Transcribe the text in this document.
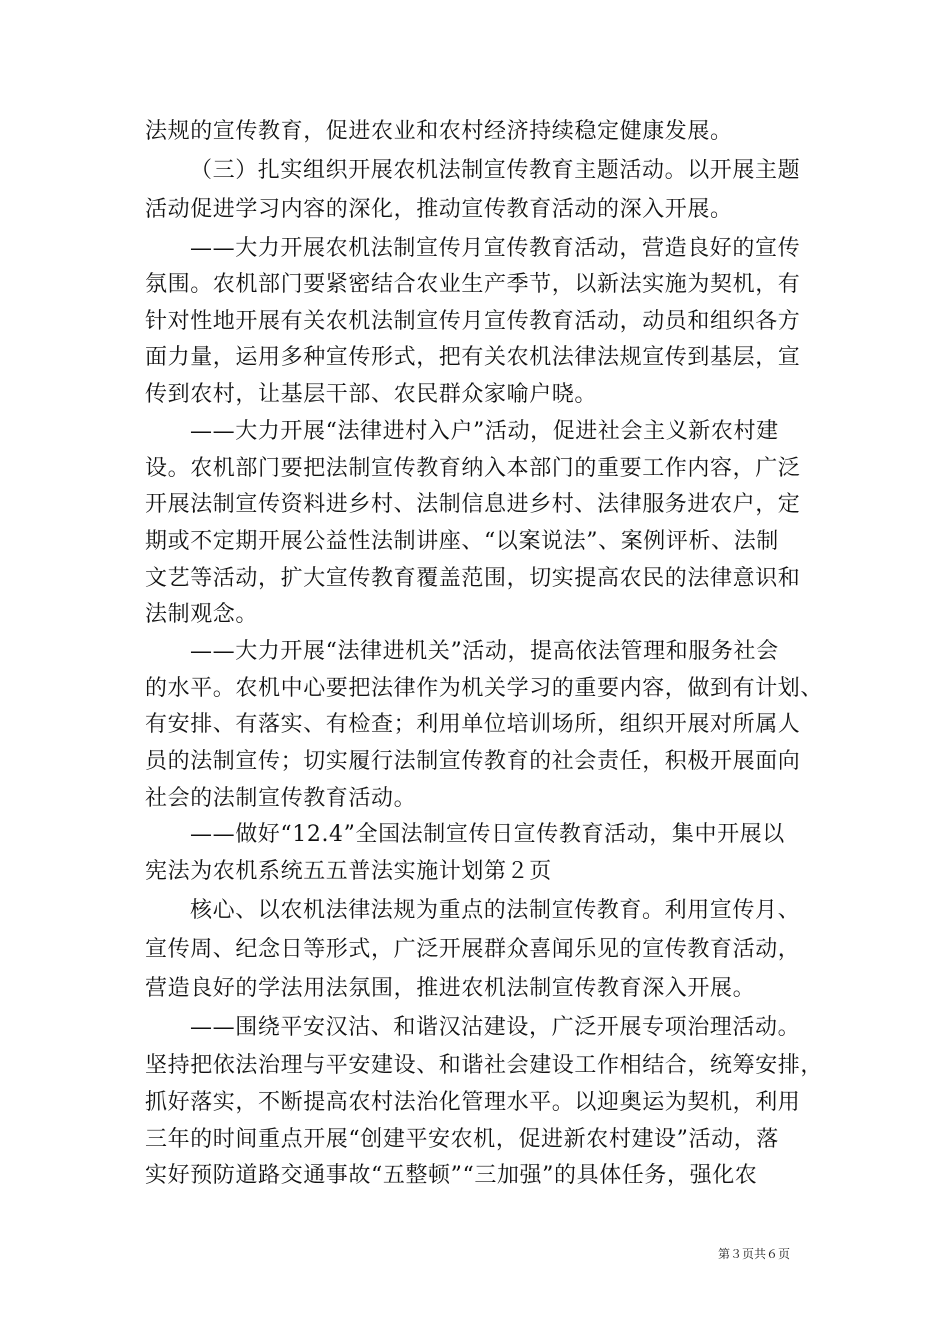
法规的宣传教育，促进农业和农村经济持续稳定健康发展。
（三）扎实组织开展农机法制宣传教育主题活动。以开展主题
活动促进学习内容的深化，推动宣传教育活动的深入开展。
——大力开展农机法制宣传月宣传教育活动，营造良好的宣传
氛围。农机部门要紧密结合农业生产季节，以新法实施为契机，有
针对性地开展有关农机法制宣传月宣传教育活动，动员和组织各方
面力量，运用多种宣传形式，把有关农机法律法规宣传到基层，宣
传到农村，让基层干部、农民群众家喻户晓。
——大力开展“法律进村入户”活动，促进社会主义新农村建
设。农机部门要把法制宣传教育纳入本部门的重要工作内容，广泛
开展法制宣传资料进乡村、法制信息进乡村、法律服务进农户，定
期或不定期开展公益性法制讲座、“以案说法”、案例评析、法制
文艺等活动，扩大宣传教育覆盖范围，切实提高农民的法律意识和
法制观念。
——大力开展“法律进机关”活动，提高依法管理和服务社会
的水平。农机中心要把法律作为机关学习的重要内容，做到有计划、
有安排、有落实、有检查；利用单位培训场所，组织开展对所属人
员的法制宣传；切实履行法制宣传教育的社会责任，积极开展面向
社会的法制宣传教育活动。
——做好“12.4”全国法制宣传日宣传教育活动，集中开展以
宪法为农机系统五五普法实施计划第２页
核心、以农机法律法规为重点的法制宣传教育。利用宣传月、
宣传周、纪念日等形式，广泛开展群众喜闻乐见的宣传教育活动，
营造良好的学法用法氛围，推进农机法制宣传教育深入开展。
——围绕平安汉沽、和谐汉沽建设，广泛开展专项治理活动。
坚持把依法治理与平安建设、和谐社会建设工作相结合，统筹安排，
抓好落实，不断提高农村法治化管理水平。以迎奥运为契机，利用
三年的时间重点开展“创建平安农机，促进新农村建设”活动，落
实好预防道路交通事故“五整顿”“三加强”的具体任务，强化农
第３页共６页
